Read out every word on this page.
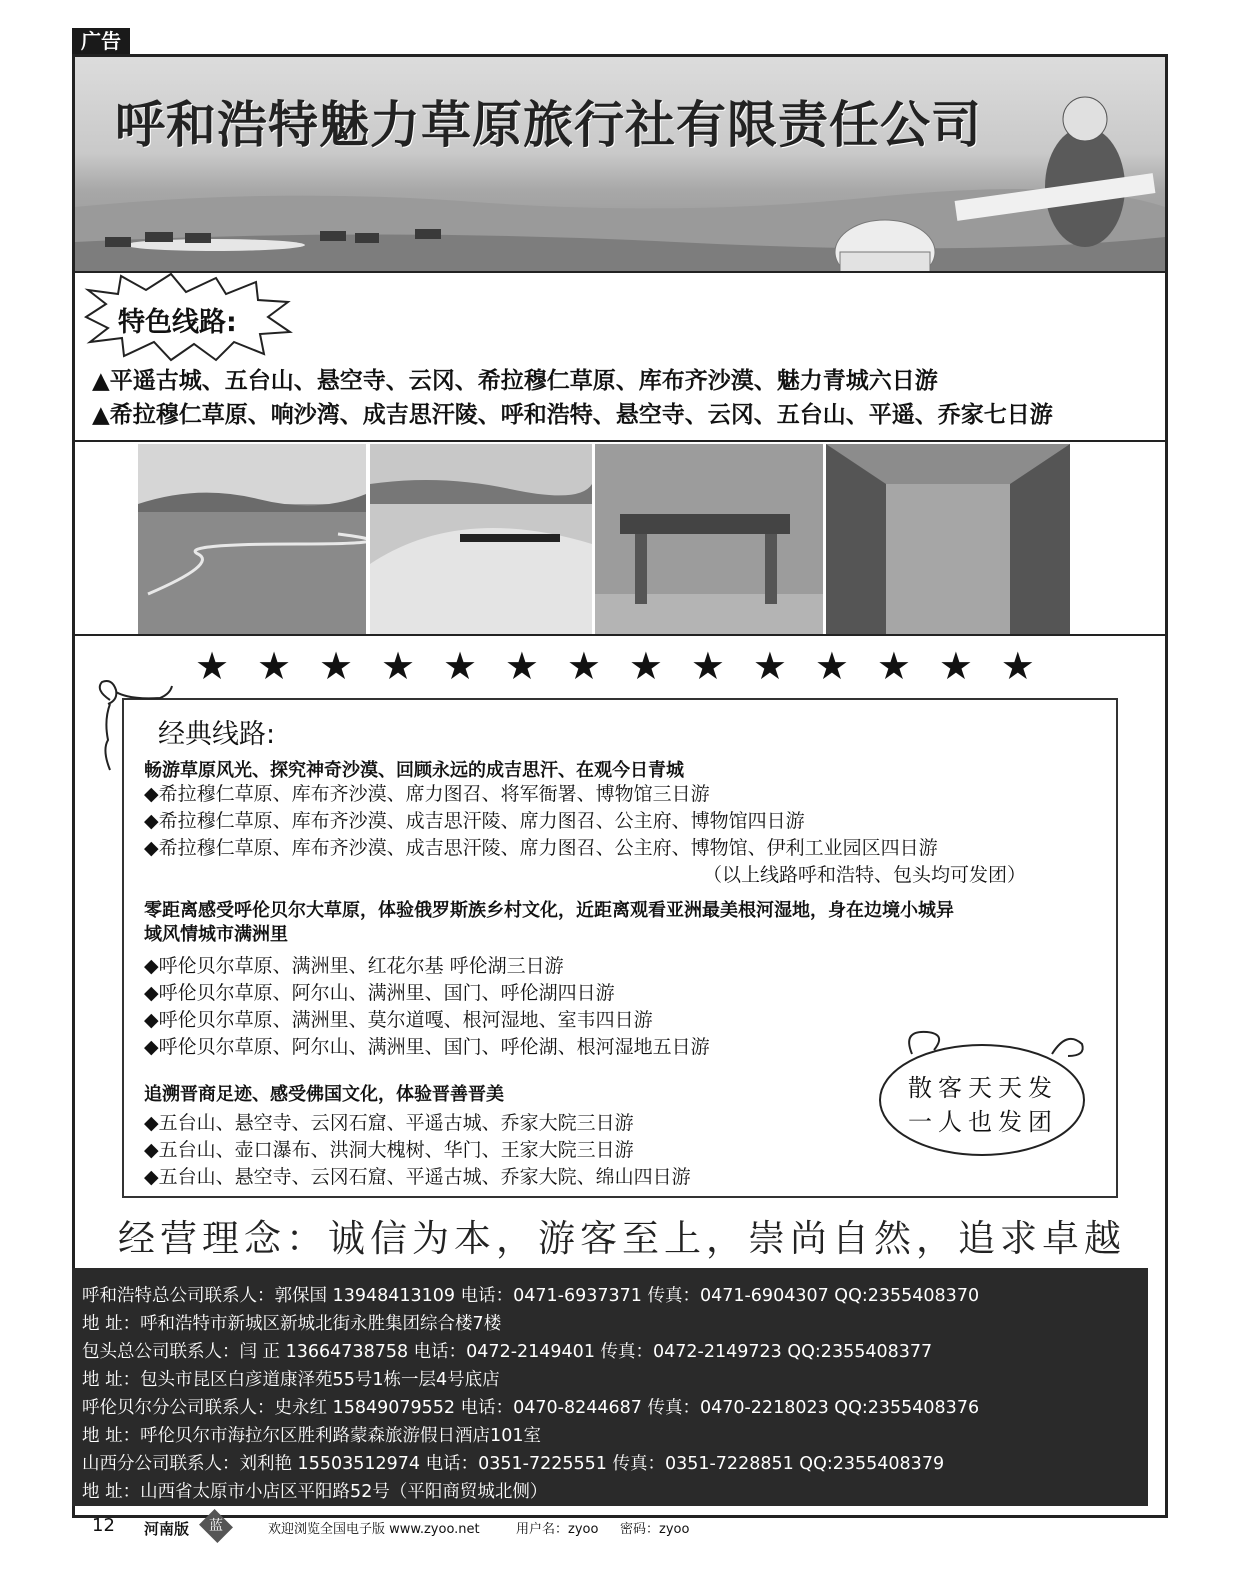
广告
呼和浩特魅力草原旅行社有限责任公司
特色线路:
▲平遥古城、五台山、悬空寺、云冈、希拉穆仁草原、库布齐沙漠、魅力青城六日游
▲希拉穆仁草原、响沙湾、成吉思汗陵、呼和浩特、悬空寺、云冈、五台山、平遥、乔家七日游
★ ★ ★ ★ ★ ★ ★ ★ ★ ★ ★ ★ ★ ★
经典线路:
畅游草原风光、探究神奇沙漠、回顾永远的成吉思汗、在观今日青城
◆希拉穆仁草原、库布齐沙漠、席力图召、将军衙署、博物馆三日游
◆希拉穆仁草原、库布齐沙漠、成吉思汗陵、席力图召、公主府、博物馆四日游
◆希拉穆仁草原、库布齐沙漠、成吉思汗陵、席力图召、公主府、博物馆、伊利工业园区四日游
（以上线路呼和浩特、包头均可发团）
零距离感受呼伦贝尔大草原，体验俄罗斯族乡村文化，近距离观看亚洲最美根河湿地，身在边境小城异
域风情城市满洲里
◆呼伦贝尔草原、满洲里、红花尔基 呼伦湖三日游
◆呼伦贝尔草原、阿尔山、满洲里、国门、呼伦湖四日游
◆呼伦贝尔草原、满洲里、莫尔道嘎、根河湿地、室韦四日游
◆呼伦贝尔草原、阿尔山、满洲里、国门、呼伦湖、根河湿地五日游
追溯晋商足迹、感受佛国文化，体验晋善晋美
◆五台山、悬空寺、云冈石窟、平遥古城、乔家大院三日游
◆五台山、壶口瀑布、洪洞大槐树、华门、王家大院三日游
◆五台山、悬空寺、云冈石窟、平遥古城、乔家大院、绵山四日游
散客天天发
一人也发团
经营理念：诚信为本，游客至上，崇尚自然，追求卓越
呼和浩特总公司联系人：郭保国 13948413109 电话：0471-6937371 传真：0471-6904307 QQ:2355408370
地 址：呼和浩特市新城区新城北街永胜集团综合楼7楼
包头总公司联系人：闫 正 13664738758 电话：0472-2149401 传真：0472-2149723 QQ:2355408377
地 址：包头市昆区白彦道康泽苑55号1栋一层4号底店
呼伦贝尔分公司联系人：史永红 15849079552 电话：0470-8244687 传真：0470-2218023 QQ:2355408376
地 址：呼伦贝尔市海拉尔区胜利路蒙森旅游假日酒店101室
山西分公司联系人：刘利艳 15503512974 电话：0351-7225551 传真：0351-7228851 QQ:2355408379
地 址：山西省太原市小店区平阳路52号（平阳商贸城北侧）
12 河南版	蓝	欢迎浏览全国电子版 www.zyoo.net	用户名：zyoo 密码：zyoo
